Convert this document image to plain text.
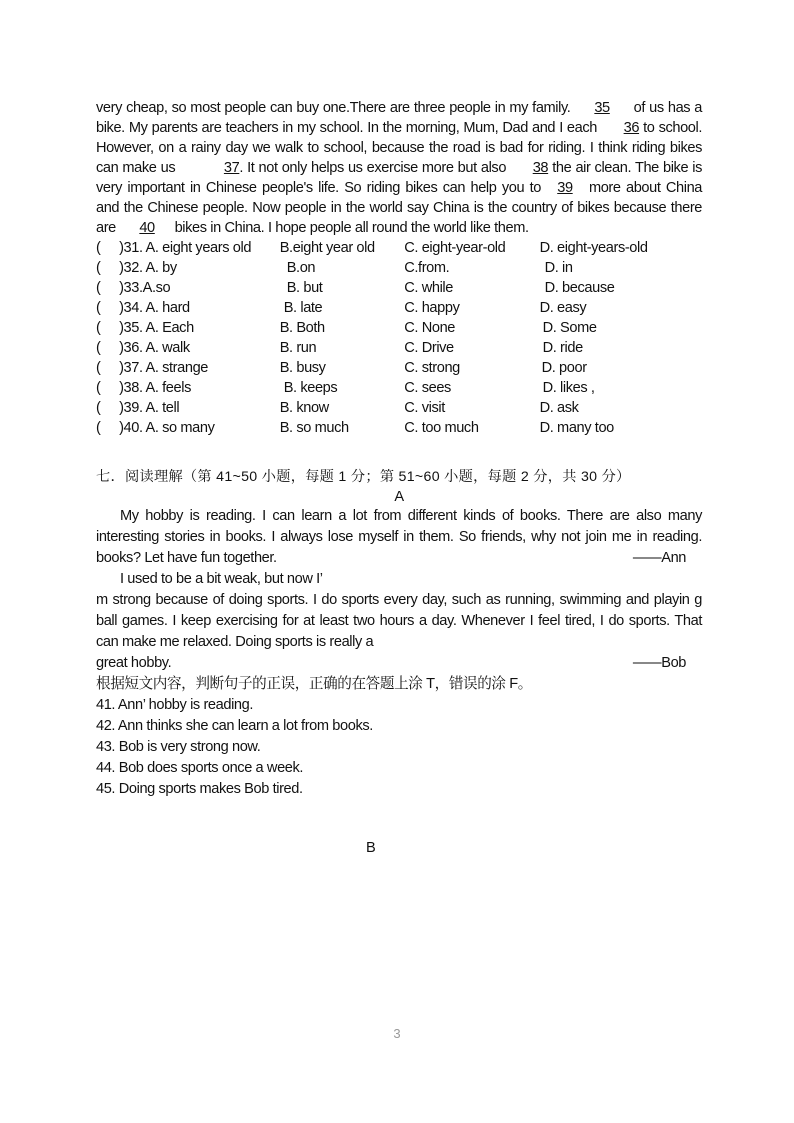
very cheap, so most people can buy one.There are three people in my family. 35 of us has a bike. My parents are teachers in my school. In the morning, Mum, Dad and I each 36 to school. However, on a rainy day we walk to school, because the road is bad for riding. I think riding bikes can make us	37. It not only helps us exercise more but also 38 the air clean. The bike is very important in Chinese people's life. So riding bikes can help you to 39 more about China and the Chinese people. Now people in the world say China is the country of bikes because there are 40 bikes in China. I hope people all round the world like them.
(	)31. A. eight years old	B.eight year old	C. eight-year-old	D. eight-years-old
(	)32. A. by	B.on	C.from.	D. in
(	)33.A.so	B. but	C. while	D. because
(	)34. A. hard	B. late	C. happy	D. easy
(	)35. A. Each	B. Both	C. None	D. Some
(	)36. A. walk	B. run	C. Drive	D. ride
(	)37. A. strange	B. busy	C. strong	D. poor
(	)38. A. feels	B. keeps	C. sees	D. likes ,
(	)39. A. tell	B. know	C. visit	D. ask
(	)40. A. so many	B. so much	C. too much	D. many too
七．阅读理解（第 41~50 小题，每题 1 分；第 51~60 小题，每题 2 分，共 30 分）
A

My hobby is reading. I can learn a lot from different kinds of books. There are also many interesting stories in books. I always lose myself in them. So friends, why not join me in reading. books? Let have fun together.	——Ann

I used to be a bit weak, but now I’

m strong because of doing sports. I do sports every day, such as running, swimming and playin g ball games. I keep exercising for at least two hours a day. Whenever I feel tired, I do sports. That can make me relaxed. Doing sports is really a

great hobby.	——Bob

根据短文内容，判断句子的正误，正确的在答题上涂 T，错误的涂 F。

41. Ann’ hobby is reading.

42. Ann thinks she can learn a lot from books.

43. Bob is very strong now.

44. Bob does sports once a week.

45. Doing sports makes Bob tired.

B
3
